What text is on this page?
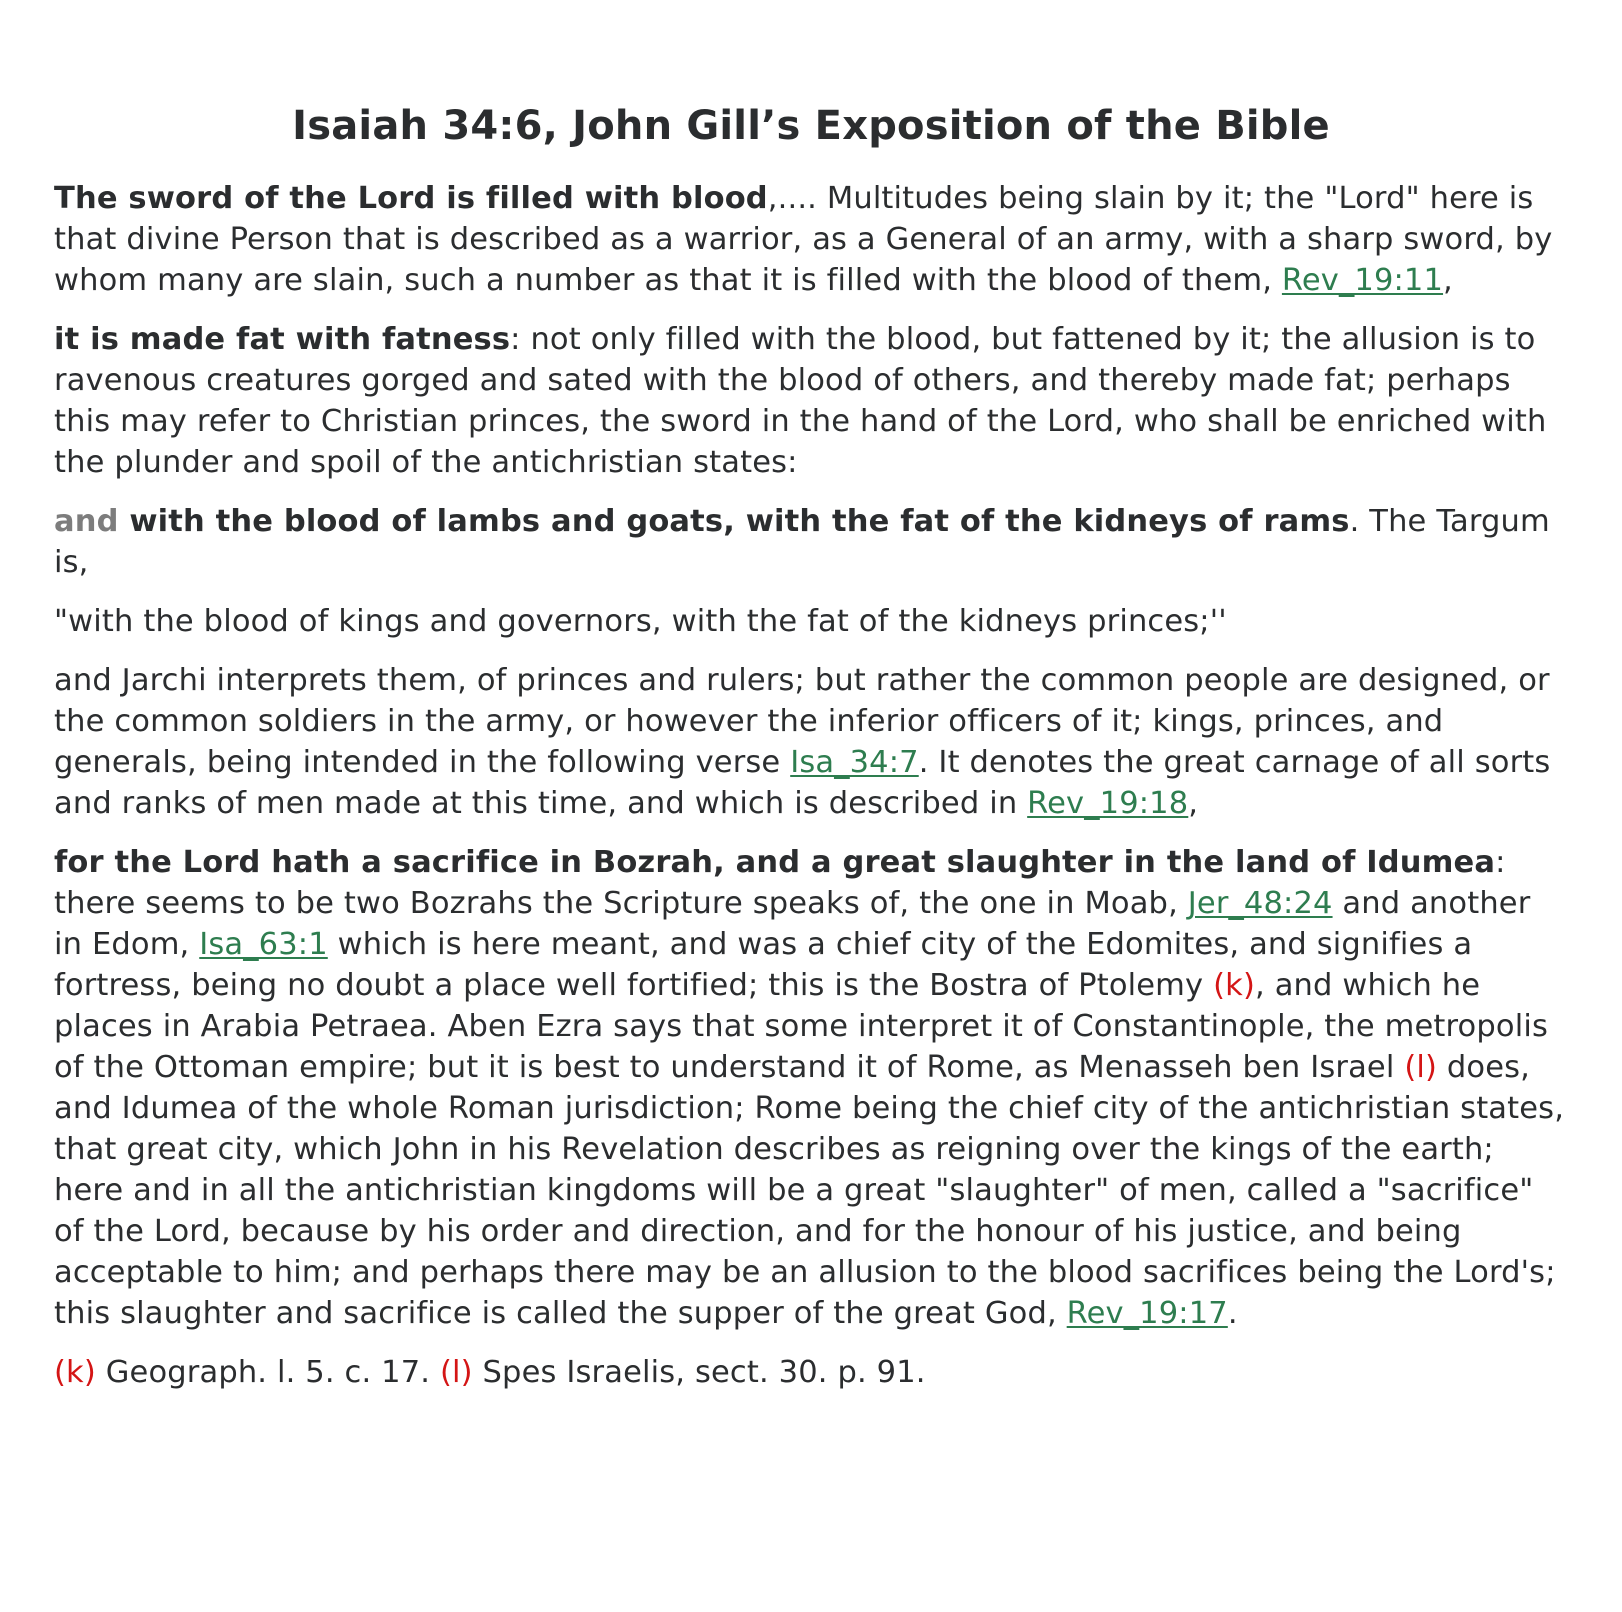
Isaiah 34:6, John Gill’s Exposition of the Bible

The sword of the Lord is filled with blood,.... Multitudes being slain by it; the "Lord" here is that divine Person that is described as a warrior, as a General of an army, with a sharp sword, by whom many are slain, such a number as that it is filled with the blood of them, Rev_19:11,

it is made fat with fatness: not only filled with the blood, but fattened by it; the allusion is to ravenous creatures gorged and sated with the blood of others, and thereby made fat; perhaps this may refer to Christian princes, the sword in the hand of the Lord, who shall be enriched with the plunder and spoil of the antichristian states:

and with the blood of lambs and goats, with the fat of the kidneys of rams. The Targum is,

"with the blood of kings and governors, with the fat of the kidneys princes;''

and Jarchi interprets them, of princes and rulers; but rather the common people are designed, or the common soldiers in the army, or however the inferior officers of it; kings, princes, and generals, being intended in the following verse Isa_34:7. It denotes the great carnage of all sorts and ranks of men made at this time, and which is described in Rev_19:18,

for the Lord hath a sacrifice in Bozrah, and a great slaughter in the land of Idumea: there seems to be two Bozrahs the Scripture speaks of, the one in Moab, Jer_48:24 and another in Edom, Isa_63:1 which is here meant, and was a chief city of the Edomites, and signifies a fortress, being no doubt a place well fortified; this is the Bostra of Ptolemy (k), and which he places in Arabia Petraea. Aben Ezra says that some interpret it of Constantinople, the metropolis of the Ottoman empire; but it is best to understand it of Rome, as Menasseh ben Israel (l) does, and Idumea of the whole Roman jurisdiction; Rome being the chief city of the antichristian states, that great city, which John in his Revelation describes as reigning over the kings of the earth; here and in all the antichristian kingdoms will be a great "slaughter" of men, called a "sacrifice" of the Lord, because by his order and direction, and for the honour of his justice, and being acceptable to him; and perhaps there may be an allusion to the blood sacrifices being the Lord's; this slaughter and sacrifice is called the supper of the great God, Rev_19:17.

(k) Geograph. l. 5. c. 17. (l) Spes Israelis, sect. 30. p. 91.
